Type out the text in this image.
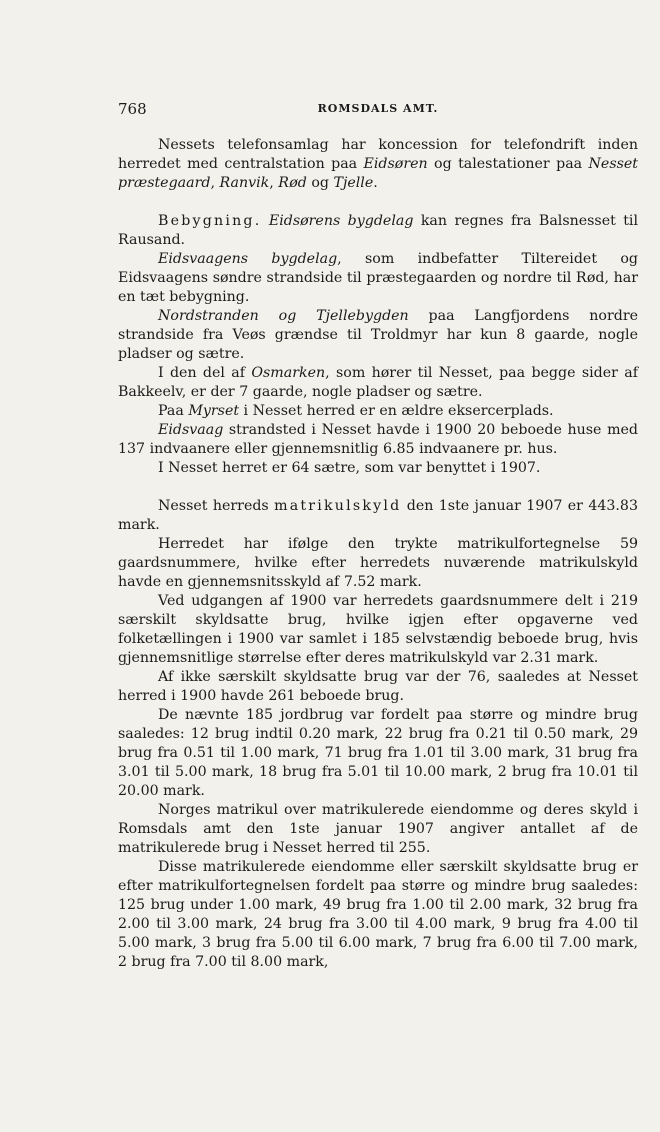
768	ROMSDALS AMT.

Nessets telefonsamlag har koncession for telefondrift inden herredet med centralstation paa Eidsøren og talestationer paa Nesset præstegaard, Ranvik, Rød og Tjelle.

Bebygning. Eidsørens bygdelag kan regnes fra Balsnesset til Rausand.

Eidsvaagens bygdelag, som indbefatter Tiltereidet og Eidsvaagens søndre strandside til præstegaarden og nordre til Rød, har en tæt bebygning.

Nordstranden og Tjellebygden paa Langfjordens nordre strandside fra Veøs grændse til Troldmyr har kun 8 gaarde, nogle pladser og sætre.

I den del af Osmarken, som hører til Nesset, paa begge sider af Bakkeelv, er der 7 gaarde, nogle pladser og sætre.

Paa Myrset i Nesset herred er en ældre eksercerplads.

Eidsvaag strandsted i Nesset havde i 1900 20 beboede huse med 137 indvaanere eller gjennemsnitlig 6.85 indvaanere pr. hus.

I Nesset herret er 64 sætre, som var benyttet i 1907.

Nesset herreds matrikulskyld den 1ste januar 1907 er 443.83 mark.

Herredet har ifølge den trykte matrikulfortegnelse 59 gaardsnummere, hvilke efter herredets nuværende matrikulskyld havde en gjennemsnitsskyld af 7.52 mark.

Ved udgangen af 1900 var herredets gaardsnummere delt i 219 særskilt skyldsatte brug, hvilke igjen efter opgaverne ved folketællingen i 1900 var samlet i 185 selvstændig beboede brug, hvis gjennemsnitlige størrelse efter deres matrikulskyld var 2.31 mark.

Af ikke særskilt skyldsatte brug var der 76, saaledes at Nesset herred i 1900 havde 261 beboede brug.

De nævnte 185 jordbrug var fordelt paa større og mindre brug saaledes: 12 brug indtil 0.20 mark, 22 brug fra 0.21 til 0.50 mark, 29 brug fra 0.51 til 1.00 mark, 71 brug fra 1.01 til 3.00 mark, 31 brug fra 3.01 til 5.00 mark, 18 brug fra 5.01 til 10.00 mark, 2 brug fra 10.01 til 20.00 mark.

Norges matrikul over matrikulerede eiendomme og deres skyld i Romsdals amt den 1ste januar 1907 angiver antallet af de matrikulerede brug i Nesset herred til 255.

Disse matrikulerede eiendomme eller særskilt skyldsatte brug er efter matrikulfortegnelsen fordelt paa større og mindre brug saaledes: 125 brug under 1.00 mark, 49 brug fra 1.00 til 2.00 mark, 32 brug fra 2.00 til 3.00 mark, 24 brug fra 3.00 til 4.00 mark, 9 brug fra 4.00 til 5.00 mark, 3 brug fra 5.00 til 6.00 mark, 7 brug fra 6.00 til 7.00 mark, 2 brug fra 7.00 til 8.00 mark,
